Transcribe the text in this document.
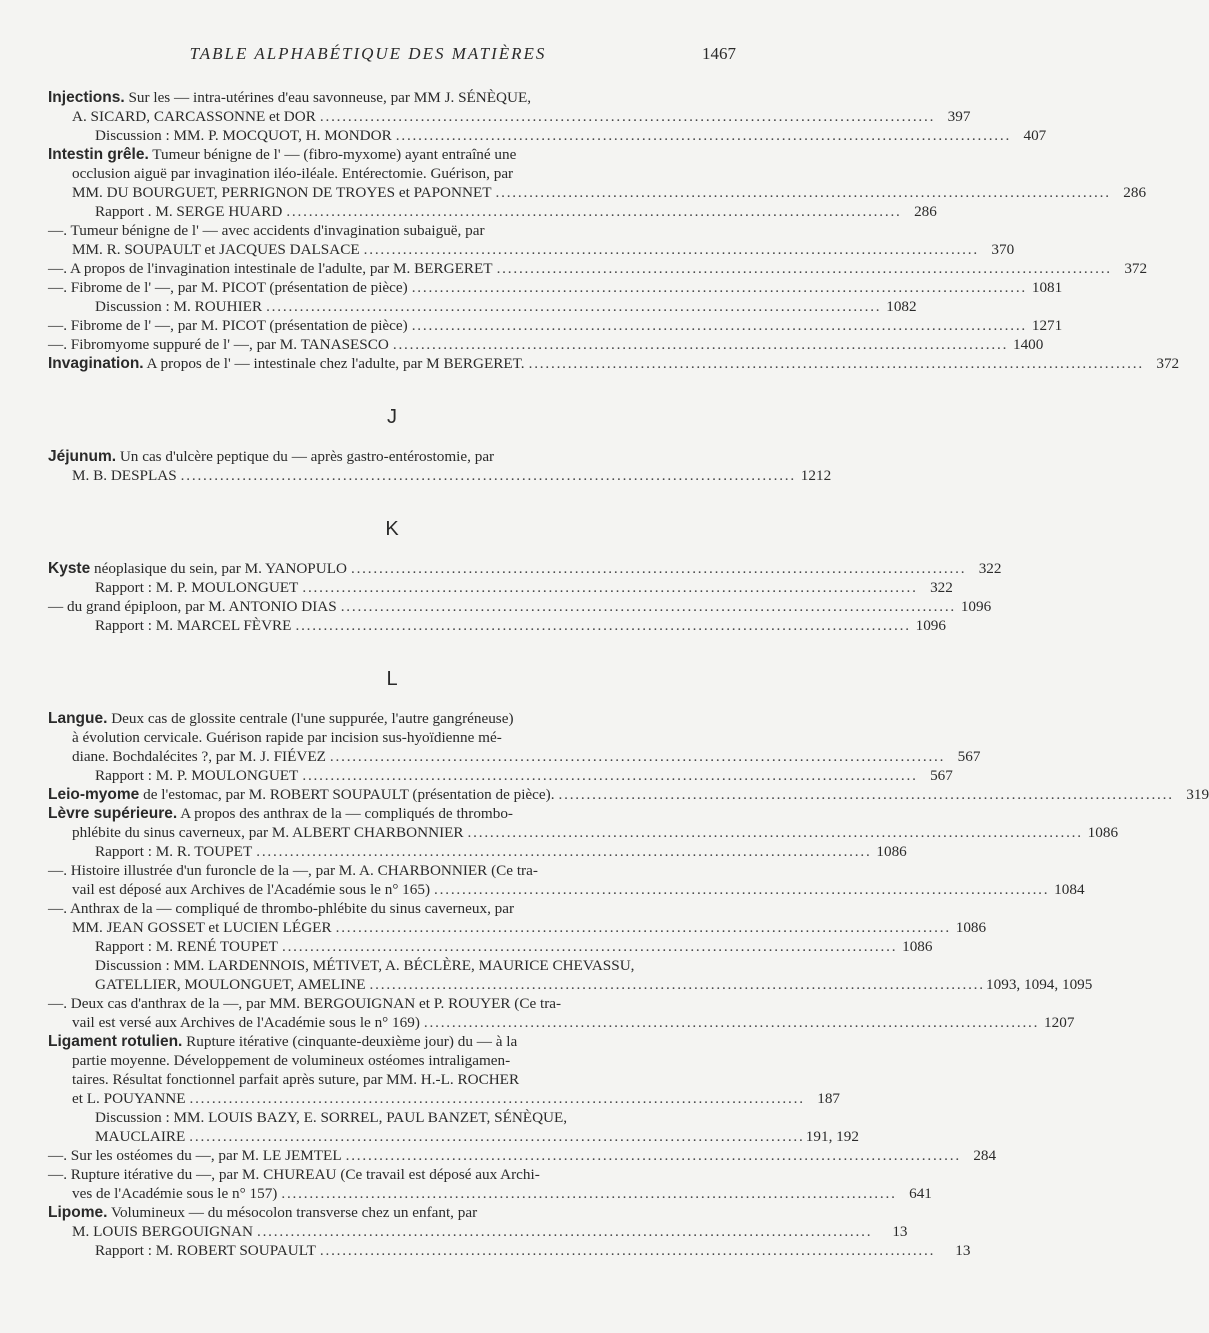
TABLE ALPHABÉTIQUE DES MATIÈRES	1467
Injections. Sur les — intra-utérines d'eau savonneuse, par MM J. SÉNÈQUE,
A. SICARD, CARCASSONNE et DOR . . .	397
Discussion : MM. P. MOCQUOT, H. MONDOR . . .	407
Intestin grêle. Tumeur bénigne de l' — (fibro-myxome) ayant entraîné une
occlusion aiguë par invagination iléo-iléale. Entérectomie. Guérison, par
MM. DU BOURGUET, PERRIGNON DE TROYES et PAPONNET . . .	286
Rapport . M. SERGE HUARD . . .	286
—. Tumeur bénigne de l' — avec accidents d'invagination subaiguë, par
MM. R. SOUPAULT et JACQUES DALSACE . . .	370
—. A propos de l'invagination intestinale de l'adulte, par M. BERGERET . . .	372
—. Fibrome de l' —, par M. PICOT (présentation de pièce) . . .	1081
Discussion : M. ROUHIER . . .	1082
—. Fibrome de l' —, par M. PICOT (présentation de pièce) . . .	1271
—. Fibromyome suppuré de l' —, par M. TANASESCO . . .	1400
Invagination. A propos de l' — intestinale chez l'adulte, par M BERGERET. . . .	372
J
Jéjunum. Un cas d'ulcère peptique du — après gastro-entérostomie, par
M. B. DESPLAS . . .	1212
K
Kyste néoplasique du sein, par M. YANOPULO . . .	322
Rapport : M. P. MOULONGUET . . .	322
— du grand épiploon, par M. ANTONIO DIAS . . .	1096
Rapport : M. MARCEL FÈVRE . . .	1096
L
Langue. Deux cas de glossite centrale (l'une suppurée, l'autre gangréneuse)
à évolution cervicale. Guérison rapide par incision sus-hyoïdienne mé-
diane. Bochdalécites ?, par M. J. FIÉVEZ . . .	567
Rapport : M. P. MOULONGUET . . .	567
Leio-myome de l'estomac, par M. ROBERT SOUPAULT (présentation de pièce). . . .	319
Lèvre supérieure. A propos des anthrax de la — compliqués de thrombo-
phlébite du sinus caverneux, par M. ALBERT CHARBONNIER . . .	1086
Rapport : M. R. TOUPET . . .	1086
—. Histoire illustrée d'un furoncle de la —, par M. A. CHARBONNIER (Ce tra-
vail est déposé aux Archives de l'Académie sous le n° 165) . . .	1084
—. Anthrax de la — compliqué de thrombo-phlébite du sinus caverneux, par
MM. JEAN GOSSET et LUCIEN LÉGER . . .	1086
Rapport : M. RENÉ TOUPET . . .	1086
Discussion : MM. LARDENNOIS, MÉTIVET, A. BÉCLÈRE, MAURICE CHEVASSU,
GATELLIER, MOULONGUET, AMELINE . . .	1093, 1094, 1095
—. Deux cas d'anthrax de la —, par MM. BERGOUIGNAN et P. ROUYER (Ce tra-
vail est versé aux Archives de l'Académie sous le n° 169) . . .	1207
Ligament rotulien. Rupture itérative (cinquante-deuxième jour) du — à la
partie moyenne. Développement de volumineux ostéomes intraligamen-
taires. Résultat fonctionnel parfait après suture, par MM. H.-L. ROCHER
et L. POUYANNE . . .	187
Discussion : MM. LOUIS BAZY, E. SORREL, PAUL BANZET, SÉNÈQUE,
MAUCLAIRE . . .	191, 192
—. Sur les ostéomes du —, par M. LE JEMTEL . . .	284
—. Rupture itérative du —, par M. CHUREAU (Ce travail est déposé aux Archi-
ves de l'Académie sous le n° 157) . . .	641
Lipome. Volumineux — du mésocolon transverse chez un enfant, par
M. LOUIS BERGOUIGNAN . . .	13
Rapport : M. ROBERT SOUPAULT . . .	13
